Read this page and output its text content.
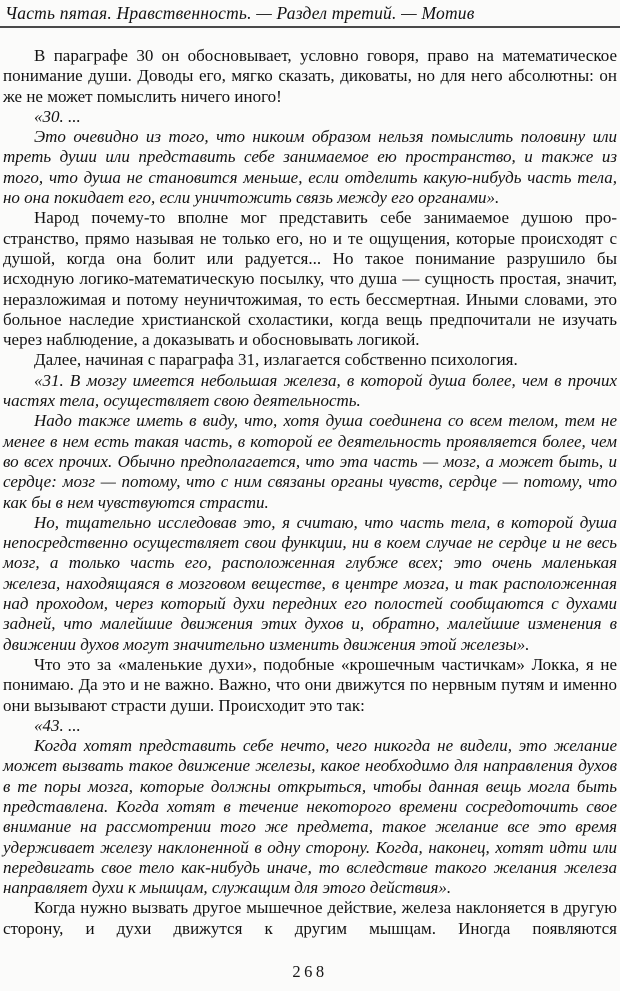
Часть пятая. Нравственность. — Раздел третий. — Мотив

В параграфе 30 он обосновывает, условно говоря, право на математическое понимание души. Доводы его, мягко сказать, диковаты, но для него абсолютны: он же не может помыслить ничего иного!

«30. ...

Это очевидно из того, что никоим образом нельзя помыслить половину или треть души или представить себе занимаемое ею пространство, и также из того, что душа не становится меньше, если отделить какую-нибудь часть тела, но она покидает его, если уничтожить связь между его органами».

Народ почему-то вполне мог представить себе занимаемое душою пространство, прямо называя не только его, но и те ощущения, которые происходят с душой, когда она болит или радуется... Но такое понимание разрушило бы исходную логико-математическую посылку, что душа — сущность простая, значит, неразложимая и потому неуничтожимая, то есть бессмертная. Иными словами, это больное наследие христианской схоластики, когда вещь предпочитали не изучать через наблюдение, а доказывать и обосновывать логикой.

Далее, начиная с параграфа 31, излагается собственно психология.

«31. В мозгу имеется небольшая железа, в которой душа более, чем в прочих частях тела, осуществляет свою деятельность.

Надо также иметь в виду, что, хотя душа соединена со всем телом, тем не менее в нем есть такая часть, в которой ее деятельность проявляется более, чем во всех прочих. Обычно предполагается, что эта часть — мозг, а может быть, и сердце: мозг — потому, что с ним связаны органы чувств, сердце — потому, что как бы в нем чувствуются страсти.

Но, тщательно исследовав это, я считаю, что часть тела, в которой душа непосредственно осуществляет свои функции, ни в коем случае не сердце и не весь мозг, а только часть его, расположенная глубже всех; это очень маленькая железа, находящаяся в мозговом веществе, в центре мозга, и так расположенная над проходом, через который духи передних его полостей сообщаются с духами задней, что малейшие движения этих духов и, обратно, малейшие изменения в движении духов могут значительно изменить движения этой железы».

Что это за «маленькие духи», подобные «крошечным частичкам» Локка, я не понимаю. Да это и не важно. Важно, что они движутся по нервным путям и именно они вызывают страсти души. Происходит это так:

«43. ...

Когда хотят представить себе нечто, чего никогда не видели, это желание может вызвать такое движение железы, какое необходимо для направления духов в те поры мозга, которые должны открыться, чтобы данная вещь могла быть представлена. Когда хотят в течение некоторого времени сосредоточить свое внимание на рассмотрении того же предмета, такое желание все это время удерживает железу наклоненной в одну сторону. Когда, наконец, хотят идти или передвигать свое тело как-нибудь иначе, то вследствие такого желания железа направляет духи к мышцам, служащим для этого действия».

Когда нужно вызвать другое мышечное действие, железа наклоняется в другую сторону, и духи движутся к другим мышцам. Иногда появляются

268
